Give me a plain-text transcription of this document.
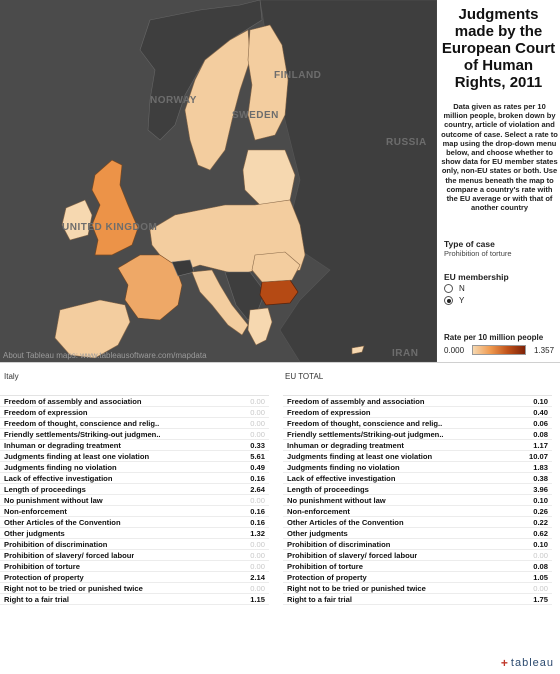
SWEDEN
FINLAND
NORWAY
RUSSIA
UNITED KINGDOM
IRAN
About Tableau maps: www.tableausoftware.com/mapdata
Judgments made by the European Court of Human Rights, 2011
Data given as rates per 10 million people, broken down by country, article of violation and outcome of case. Select a rate to map using the drop-down menu below, and choose whether to show data for EU member states only, non-EU states or both. Use the menus beneath the map to compare a country's rate with the EU average or with that of another country
Type of case
Prohibition of torture
EU membership
N
Y
Rate per 10 million people
0.000	1.357
Italy	EU TOTAL
Freedom of assembly and association	0.00
Freedom of expression	0.00
Freedom of thought, conscience and relig..	0.00
Friendly settlements/Striking-out judgmen..	0.00
Inhuman or degrading treatment	0.33
Judgments finding at least one violation	5.61
Judgments finding no violation	0.49
Lack of effective investigation	0.16
Length of proceedings	2.64
No punishment without law	0.00
Non-enforcement	0.16
Other Articles of the Convention	0.16
Other judgments	1.32
Prohibition of discrimination	0.00
Prohibition of slavery/ forced labour	0.00
Prohibition of torture	0.00
Protection of property	2.14
Right not to be tried or punished twice	0.00
Right to a fair trial	1.15
Freedom of assembly and association	0.10
Freedom of expression	0.40
Freedom of thought, conscience and relig..	0.06
Friendly settlements/Striking-out judgmen..	0.08
Inhuman or degrading treatment	1.17
Judgments finding at least one violation	10.07
Judgments finding no violation	1.83
Lack of effective investigation	0.38
Length of proceedings	3.96
No punishment without law	0.10
Non-enforcement	0.26
Other Articles of the Convention	0.22
Other judgments	0.62
Prohibition of discrimination	0.10
Prohibition of slavery/ forced labour	0.00
Prohibition of torture	0.08
Protection of property	1.05
Right not to be tried or punished twice	0.00
Right to a fair trial	1.75
+ tableau
